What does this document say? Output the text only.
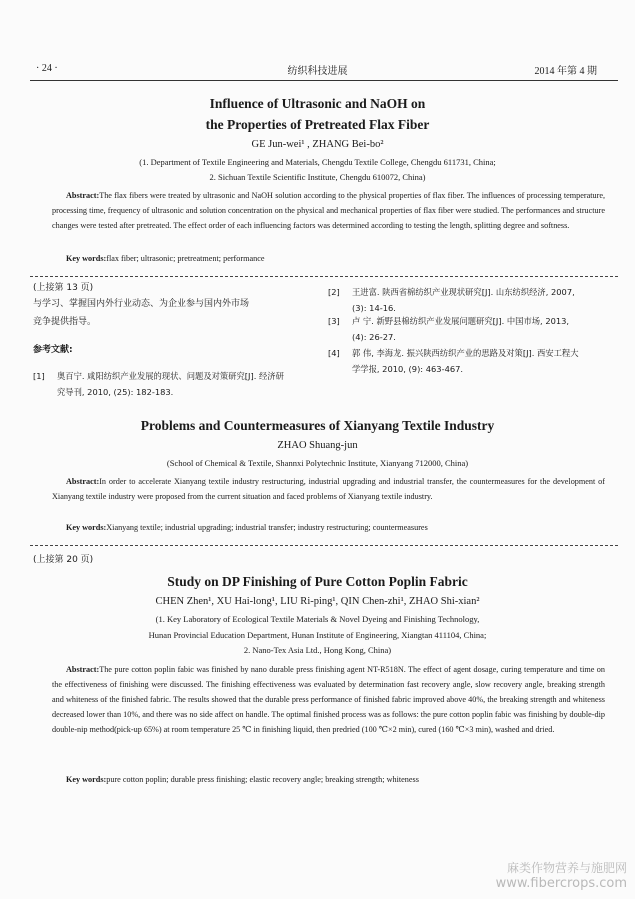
· 24 ·	纺织科技进展	2014 年第 4 期
Influence of Ultrasonic and NaOH on
the Properties of Pretreated Flax Fiber
GE Jun-wei¹ , ZHANG Bei-bo²
(1. Department of Textile Engineering and Materials, Chengdu Textile College, Chengdu 611731, China;
2. Sichuan Textile Scientific Institute, Chengdu 610072, China)
Abstract:The flax fibers were treated by ultrasonic and NaOH solution according to the physical properties of flax fiber. The influences of processing temperature, processing time, frequency of ultrasonic and solution concentration on the physical and mechanical properties of flax fiber were studied. The performances and structure changes were tested after pretreated. The effect order of each influencing factors was determined according to testing the length, splitting degree and softness.
Key words:flax fiber; ultrasonic; pretreatment; performance
(上接第 13 页)
与学习、掌握国内外行业动态、为企业参与国内外市场
竞争提供指导。
参考文献:
[1] 奥百宁. 咸阳纺织产业发展的现状、问题及对策研究[J]. 经济研究导刊, 2010, (25): 182-183.
[2] 王进富. 陕西省棉纺织产业现状研究[J]. 山东纺织经济, 2007, (3): 14-16.
[3] 卢 宁. 新野县棉纺织产业发展问题研究[J]. 中国市场, 2013, (4): 26-27.
[4] 郭 伟, 李海龙. 振兴陕西纺织产业的思路及对策[J]. 西安工程大学学报, 2010, (9): 463-467.
Problems and Countermeasures of Xianyang Textile Industry
ZHAO Shuang-jun
(School of Chemical & Textile, Shannxi Polytechnic Institute, Xianyang 712000, China)
Abstract:In order to accelerate Xianyang textile industry restructuring, industrial upgrading and industrial transfer, the countermeasures for the development of Xianyang textile industry were proposed from the current situation and faced problems of Xianyang textile industry.
Key words:Xianyang textile; industrial upgrading; industrial transfer; industry restructuring; countermeasures
(上接第 20 页)
Study on DP Finishing of Pure Cotton Poplin Fabric
CHEN Zhen¹, XU Hai-long¹, LIU Ri-ping¹, QIN Chen-zhi¹, ZHAO Shi-xian²
(1. Key Laboratory of Ecological Textile Materials & Novel Dyeing and Finishing Technology,
Hunan Provincial Education Department, Hunan Institute of Engineering, Xiangtan 411104, China;
2. Nano-Tex Asia Ltd., Hong Kong, China)
Abstract:The pure cotton poplin fabic was finished by nano durable press finishing agent NT-R518N. The effect of agent dosage, curing temperature and time on the effectiveness of finishing were discussed. The finishing effectiveness was evaluated by determination fast recovery angle, slow recovery angle, breaking strength and whiteness of the finished fabric. The results showed that the durable press performance of finished fabric improved above 40%, the breaking strength and whiteness decreased lower than 10%, and there was no side affect on handle. The optimal finished process was as follows: the pure cotton poplin fabic was finishing by double-dip double-nip method(pick-up 65%) at room temperature 25 ℃ in finishing liquid, then predried (100 ℃×2 min), cured (160 ℃×3 min), washed and dried.
Key words:pure cotton poplin; durable press finishing; elastic recovery angle; breaking strength; whiteness
麻类作物营养与施肥网
www.fibercrops.com
